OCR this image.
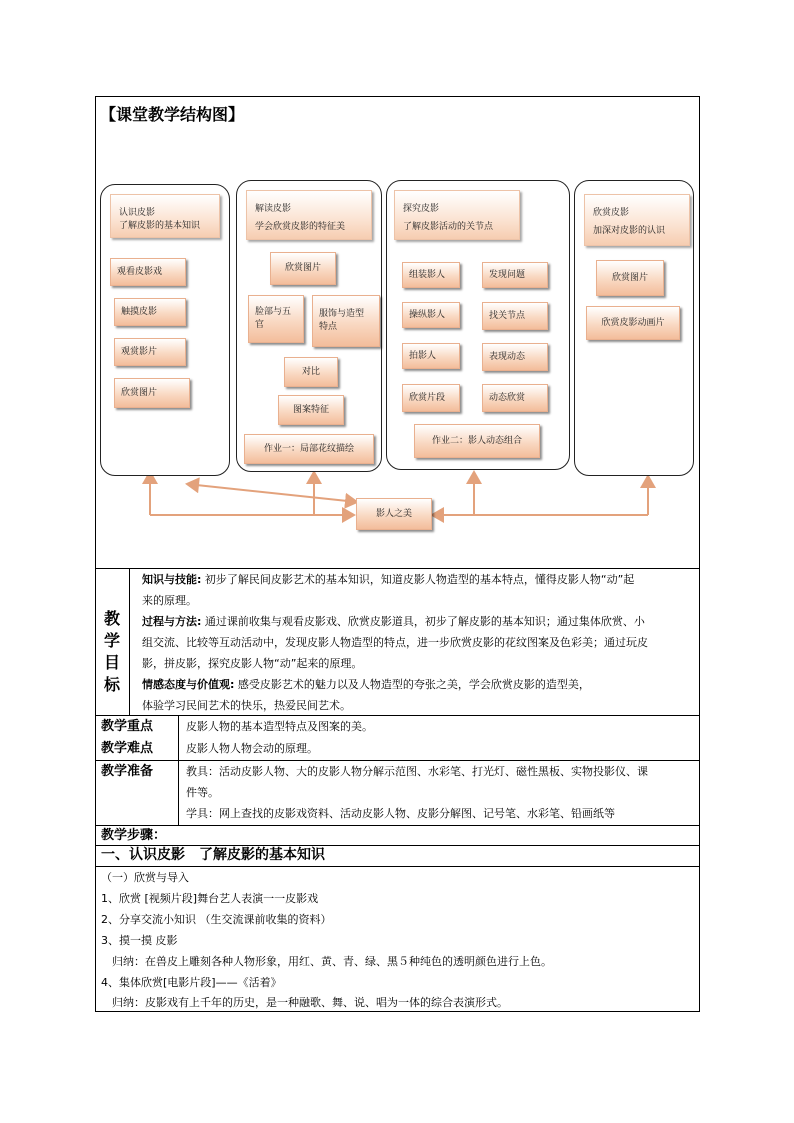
【课堂教学结构图】
认识皮影
了解皮影的基本知识
观看皮影戏
触摸皮影
观赏影片
欣赏图片
解读皮影
学会欣赏皮影的特征美
欣赏图片
脸部与五官
服饰与造型特点
对比
图案特征
作业一：局部花纹描绘
探究皮影
了解皮影活动的关节点
组装影人
操纵影人
拍影人
欣赏片段
发现问题
找关节点
表现动态
动态欣赏
作业二：影人动态组合
欣赏皮影
加深对皮影的认识
欣赏图片
欣赏皮影动画片
影人之美
教
学
目
标
知识与技能: 初步了解民间皮影艺术的基本知识，知道皮影人物造型的基本特点，懂得皮影人物“动”起
来的原理。
过程与方法: 通过课前收集与观看皮影戏、欣赏皮影道具，初步了解皮影的基本知识；通过集体欣赏、小
组交流、比较等互动活动中，发现皮影人物造型的特点，进一步欣赏皮影的花纹图案及色彩美；通过玩皮
影，拼皮影，探究皮影人物“动”起来的原理。
情感态度与价值观: 感受皮影艺术的魅力以及人物造型的夸张之美，学会欣赏皮影的造型美，
体验学习民间艺术的快乐，热爱民间艺术。
教学重点	皮影人物的基本造型特点及图案的美。
教学难点	皮影人物人物会动的原理。
教学准备	教具：活动皮影人物、大的皮影人物分解示范图、水彩笔、打光灯、磁性黑板、实物投影仪、课
件等。
学具：网上查找的皮影戏资料、活动皮影人物、皮影分解图、记号笔、水彩笔、铅画纸等
教学步骤：
一、认识皮影　了解皮影的基本知识
（一）欣赏与导入
1、欣赏 [视频片段]舞台艺人表演一一皮影戏
2、分享交流小知识 （生交流课前收集的资料）
3、摸一摸 皮影
　归纳：在兽皮上雕刻各种人物形象，用红、黄、青、绿、黑５种纯色的透明颜色进行上色。
4、集体欣赏[电影片段]——《活着》
　归纳：皮影戏有上千年的历史，是一种融歌、舞、说、唱为一体的综合表演形式。
